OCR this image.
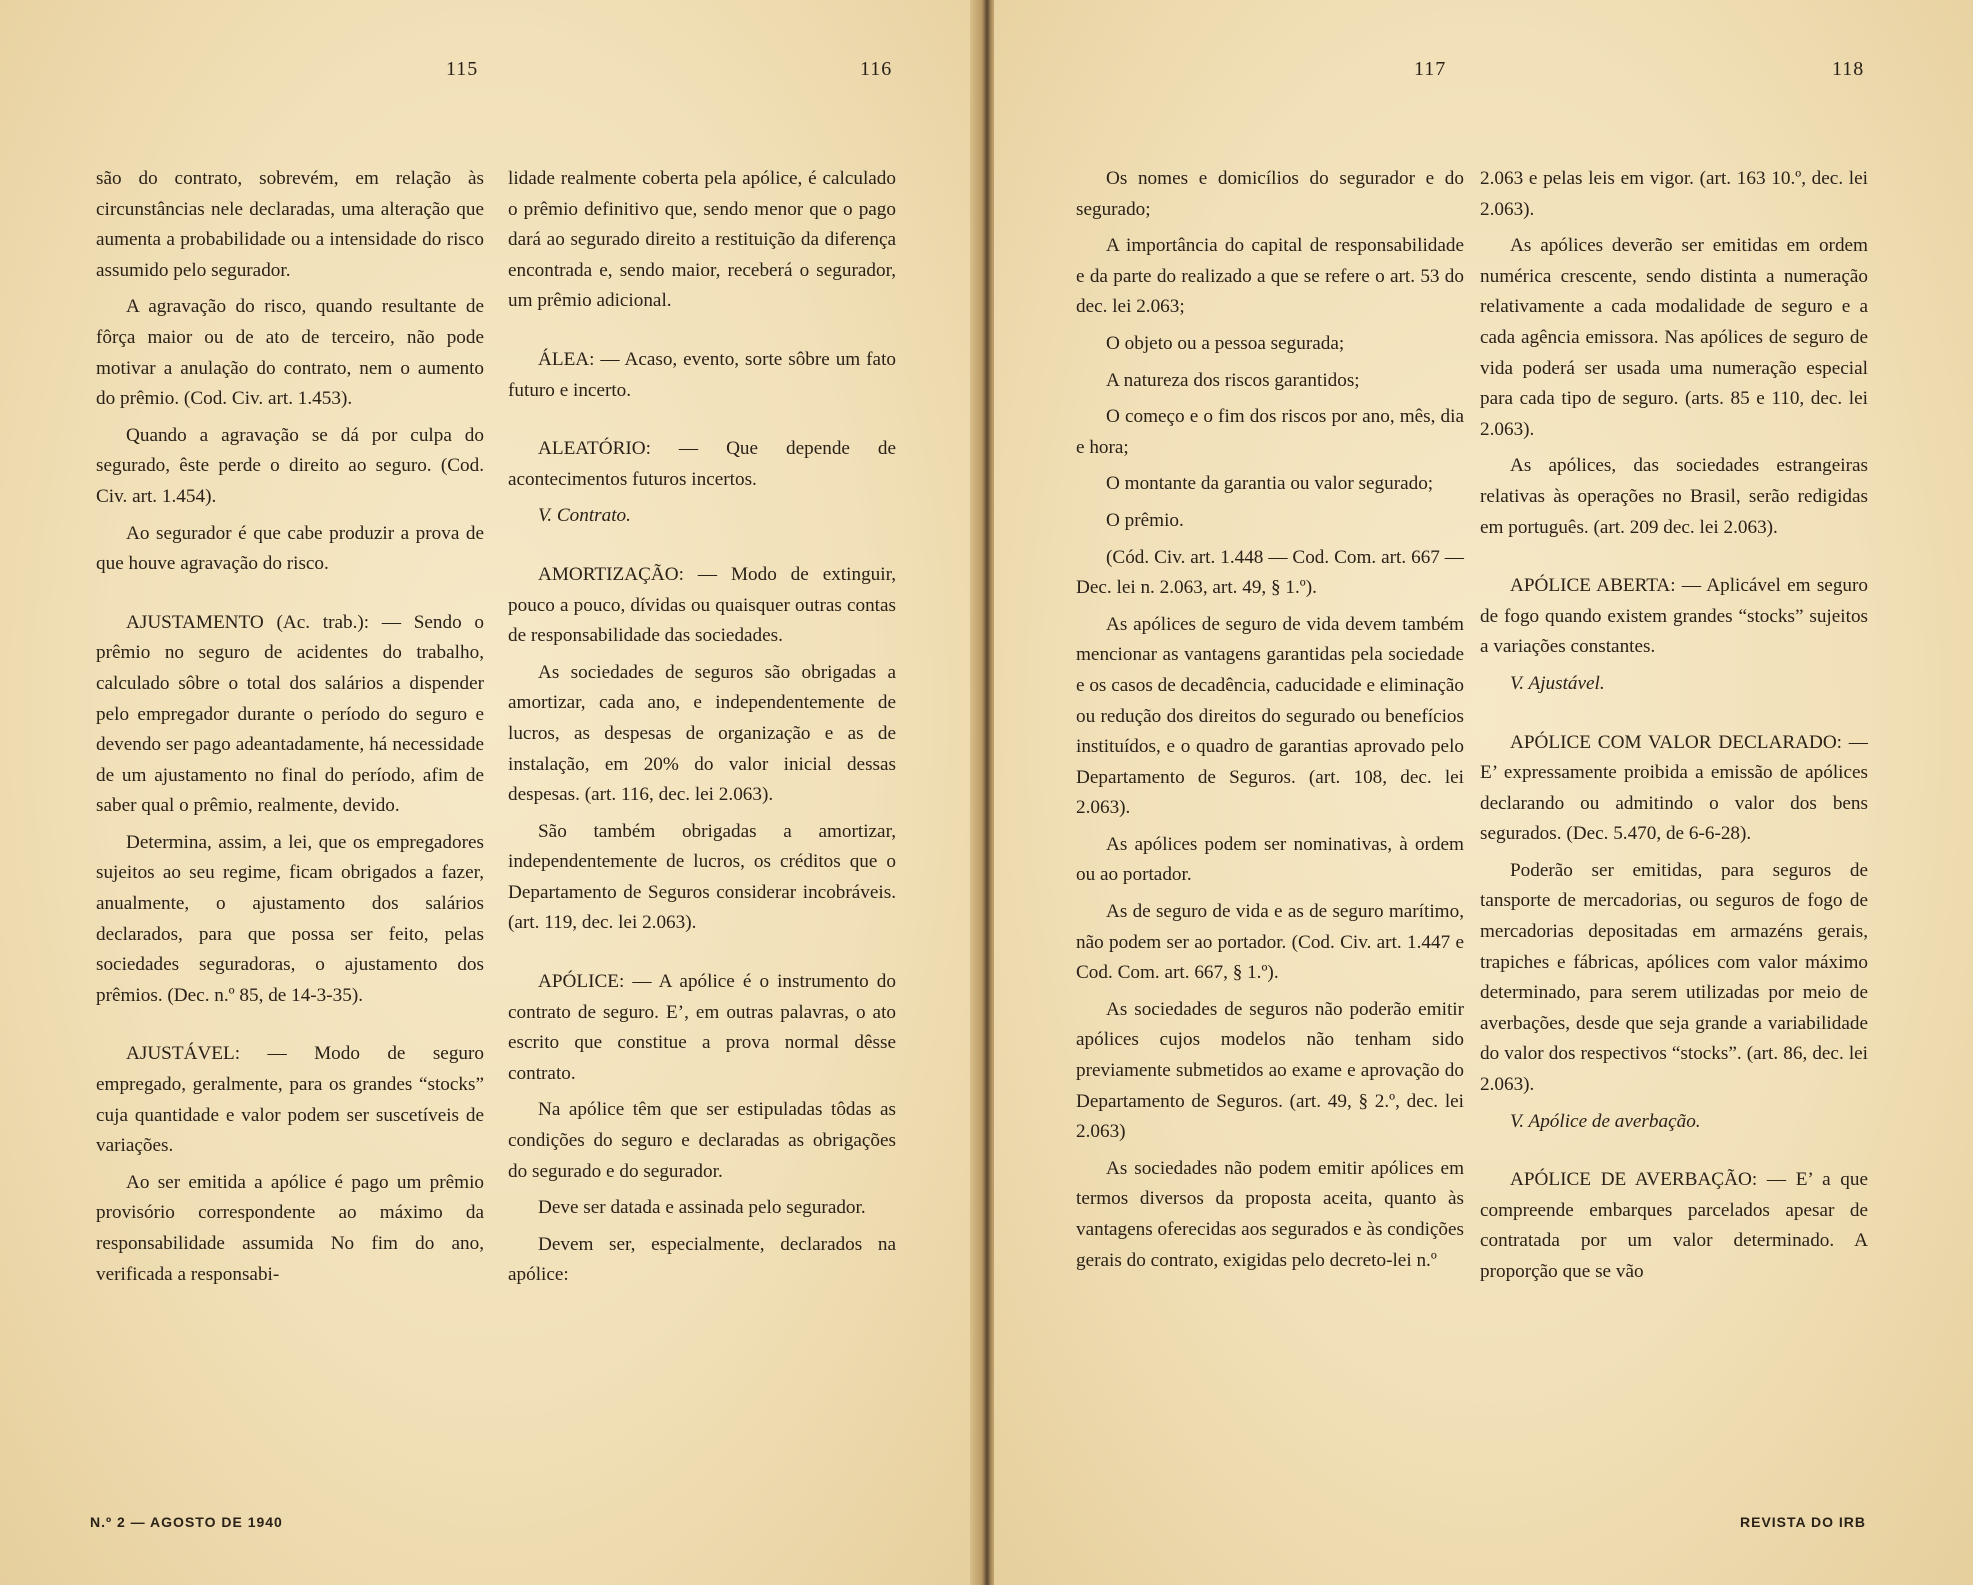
115	116

são do contrato, sobrevém, em relação às circunstâncias nele declaradas, uma alteração que aumenta a probabilidade ou a intensidade do risco assumido pelo segurador.

A agravação do risco, quando resultante de fôrça maior ou de ato de terceiro, não pode motivar a anulação do contrato, nem o aumento do prêmio. (Cod. Civ. art. 1.453).

Quando a agravação se dá por culpa do segurado, êste perde o direito ao seguro. (Cod. Civ. art. 1.454).

Ao segurador é que cabe produzir a prova de que houve agravação do risco.

AJUSTAMENTO (Ac. trab.): — Sendo o prêmio no seguro de acidentes do trabalho, calculado sôbre o total dos salários a dispender pelo empregador durante o período do seguro e devendo ser pago adeantadamente, há necessidade de um ajustamento no final do período, afim de saber qual o prêmio, realmente, devido.

Determina, assim, a lei, que os empregadores sujeitos ao seu regime, ficam obrigados a fazer, anualmente, o ajustamento dos salários declarados, para que possa ser feito, pelas sociedades seguradoras, o ajustamento dos prêmios. (Dec. n.º 85, de 14-3-35).

AJUSTÁVEL: — Modo de seguro empregado, geralmente, para os grandes “stocks” cuja quantidade e valor podem ser suscetíveis de variações.

Ao ser emitida a apólice é pago um prêmio provisório correspondente ao máximo da responsabilidade assumida No fim do ano, verificada a responsabi-

lidade realmente coberta pela apólice, é calculado o prêmio definitivo que, sendo menor que o pago dará ao segurado direito a restituição da diferença encontrada e, sendo maior, receberá o segurador, um prêmio adicional.

ÁLEA: — Acaso, evento, sorte sôbre um fato futuro e incerto.

ALEATÓRIO: — Que depende de acontecimentos futuros incertos.

V. Contrato.

AMORTIZAÇÃO: — Modo de extinguir, pouco a pouco, dívidas ou quaisquer outras contas de responsabilidade das sociedades.

As sociedades de seguros são obrigadas a amortizar, cada ano, e independentemente de lucros, as despesas de organização e as de instalação, em 20% do valor inicial dessas despesas. (art. 116, dec. lei 2.063).

São também obrigadas a amortizar, independentemente de lucros, os créditos que o Departamento de Seguros considerar incobráveis. (art. 119, dec. lei 2.063).

APÓLICE: — A apólice é o instrumento do contrato de seguro. E’, em outras palavras, o ato escrito que constitue a prova normal dêsse contrato.

Na apólice têm que ser estipuladas tôdas as condições do seguro e declaradas as obrigações do segurado e do segurador.

Deve ser datada e assinada pelo segurador.

Devem ser, especialmente, declarados na apólice:

N.º 2 — AGOSTO DE 1940
117	118

Os nomes e domicílios do segurador e do segurado;

A importância do capital de responsabilidade e da parte do realizado a que se refere o art. 53 do dec. lei 2.063;

O objeto ou a pessoa segurada;

A natureza dos riscos garantidos;

O começo e o fim dos riscos por ano, mês, dia e hora;

O montante da garantia ou valor segurado;

O prêmio.

(Cód. Civ. art. 1.448 — Cod. Com. art. 667 — Dec. lei n. 2.063, art. 49, § 1.º).

As apólices de seguro de vida devem também mencionar as vantagens garantidas pela sociedade e os casos de decadência, caducidade e eliminação ou redução dos direitos do segurado ou benefícios instituídos, e o quadro de garantias aprovado pelo Departamento de Seguros. (art. 108, dec. lei 2.063).

As apólices podem ser nominativas, à ordem ou ao portador.

As de seguro de vida e as de seguro marítimo, não podem ser ao portador. (Cod. Civ. art. 1.447 e Cod. Com. art. 667, § 1.º).

As sociedades de seguros não poderão emitir apólices cujos modelos não tenham sido previamente submetidos ao exame e aprovação do Departamento de Seguros. (art. 49, § 2.º, dec. lei 2.063)

As sociedades não podem emitir apólices em termos diversos da proposta aceita, quanto às vantagens oferecidas aos segurados e às condições gerais do contrato, exigidas pelo decreto-lei n.º

2.063 e pelas leis em vigor. (art. 163 10.º, dec. lei 2.063).

As apólices deverão ser emitidas em ordem numérica crescente, sendo distinta a numeração relativamente a cada modalidade de seguro e a cada agência emissora. Nas apólices de seguro de vida poderá ser usada uma numeração especial para cada tipo de seguro. (arts. 85 e 110, dec. lei 2.063).

As apólices, das sociedades estrangeiras relativas às operações no Brasil, serão redigidas em português. (art. 209 dec. lei 2.063).

APÓLICE ABERTA: — Aplicável em seguro de fogo quando existem grandes “stocks” sujeitos a variações constantes.

V. Ajustável.

APÓLICE COM VALOR DECLARADO: — E’ expressamente proibida a emissão de apólices declarando ou admitindo o valor dos bens segurados. (Dec. 5.470, de 6-6-28).

Poderão ser emitidas, para seguros de tansporte de mercadorias, ou seguros de fogo de mercadorias depositadas em armazéns gerais, trapiches e fábricas, apólices com valor máximo determinado, para serem utilizadas por meio de averbações, desde que seja grande a variabilidade do valor dos respectivos “stocks”. (art. 86, dec. lei 2.063).

V. Apólice de averbação.

APÓLICE DE AVERBAÇÃO: — E’ a que compreende embarques parcelados apesar de contratada por um valor determinado. A proporção que se vão

REVISTA DO IRB
